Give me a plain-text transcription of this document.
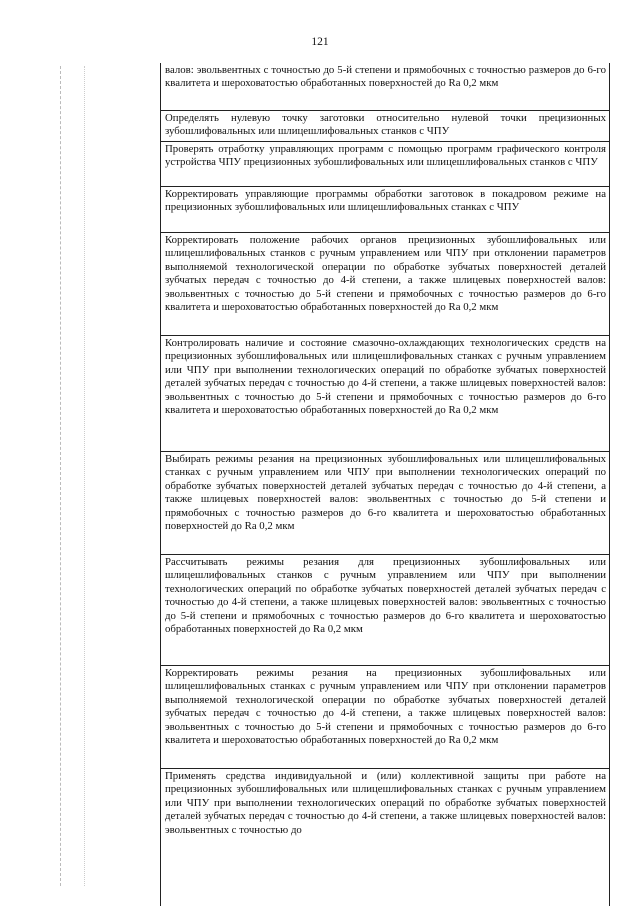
121
валов: эвольвентных с точностью до 5-й степени и прямобочных с точностью размеров до 6-го квалитета и шероховатостью обработанных поверхностей до Ra 0,2 мкм
Определять нулевую точку заготовки относительно нулевой точки прецизионных зубошлифовальных или шлицешлифовальных станков с ЧПУ
Проверять отработку управляющих программ с помощью программ графического контроля устройства ЧПУ прецизионных зубошлифовальных или шлицешлифовальных станков с ЧПУ
Корректировать управляющие программы обработки заготовок в покадровом режиме на прецизионных зубошлифовальных или шлицешлифовальных станках с ЧПУ
Корректировать положение рабочих органов прецизионных зубошлифовальных или шлицешлифовальных станков с ручным управлением или ЧПУ при отклонении параметров выполняемой технологической операции по обработке зубчатых поверхностей деталей зубчатых передач с точностью до 4-й степени, а также шлицевых поверхностей валов: эвольвентных с точностью до 5-й степени и прямобочных с точностью размеров до 6-го квалитета и шероховатостью обработанных поверхностей до Ra 0,2 мкм
Контролировать наличие и состояние смазочно-охлаждающих технологических средств на прецизионных зубошлифовальных или шлицешлифовальных станках с ручным управлением или ЧПУ при выполнении технологических операций по обработке зубчатых поверхностей деталей зубчатых передач с точностью до 4-й степени, а также шлицевых поверхностей валов: эвольвентных с точностью до 5-й степени и прямобочных с точностью размеров до 6-го квалитета и шероховатостью обработанных поверхностей до Ra 0,2 мкм
Выбирать режимы резания на прецизионных зубошлифовальных или шлицешлифовальных станках с ручным управлением или ЧПУ при выполнении технологических операций по обработке зубчатых поверхностей деталей зубчатых передач с точностью до 4-й степени, а также шлицевых поверхностей валов: эвольвентных с точностью до 5-й степени и прямобочных с точностью размеров до 6-го квалитета и шероховатостью обработанных поверхностей до Ra 0,2 мкм
Рассчитывать режимы резания для прецизионных зубошлифовальных или шлицешлифовальных станков с ручным управлением или ЧПУ при выполнении технологических операций по обработке зубчатых поверхностей деталей зубчатых передач с точностью до 4-й степени, а также шлицевых поверхностей валов: эвольвентных с точностью до 5-й степени и прямобочных с точностью размеров до 6-го квалитета и шероховатостью обработанных поверхностей до Ra 0,2 мкм
Корректировать режимы резания на прецизионных зубошлифовальных или шлицешлифовальных станках с ручным управлением или ЧПУ при отклонении параметров выполняемой технологической операции по обработке зубчатых поверхностей деталей зубчатых передач с точностью до 4-й степени, а также шлицевых поверхностей валов: эвольвентных с точностью до 5-й степени и прямобочных с точностью размеров до 6-го квалитета и шероховатостью обработанных поверхностей до Ra 0,2 мкм
Применять средства индивидуальной и (или) коллективной защиты при работе на прецизионных зубошлифовальных или шлицешлифовальных станках с ручным управлением или ЧПУ при выполнении технологических операций по обработке зубчатых поверхностей деталей зубчатых передач с точностью до 4-й степени, а также шлицевых поверхностей валов: эвольвентных с точностью до
